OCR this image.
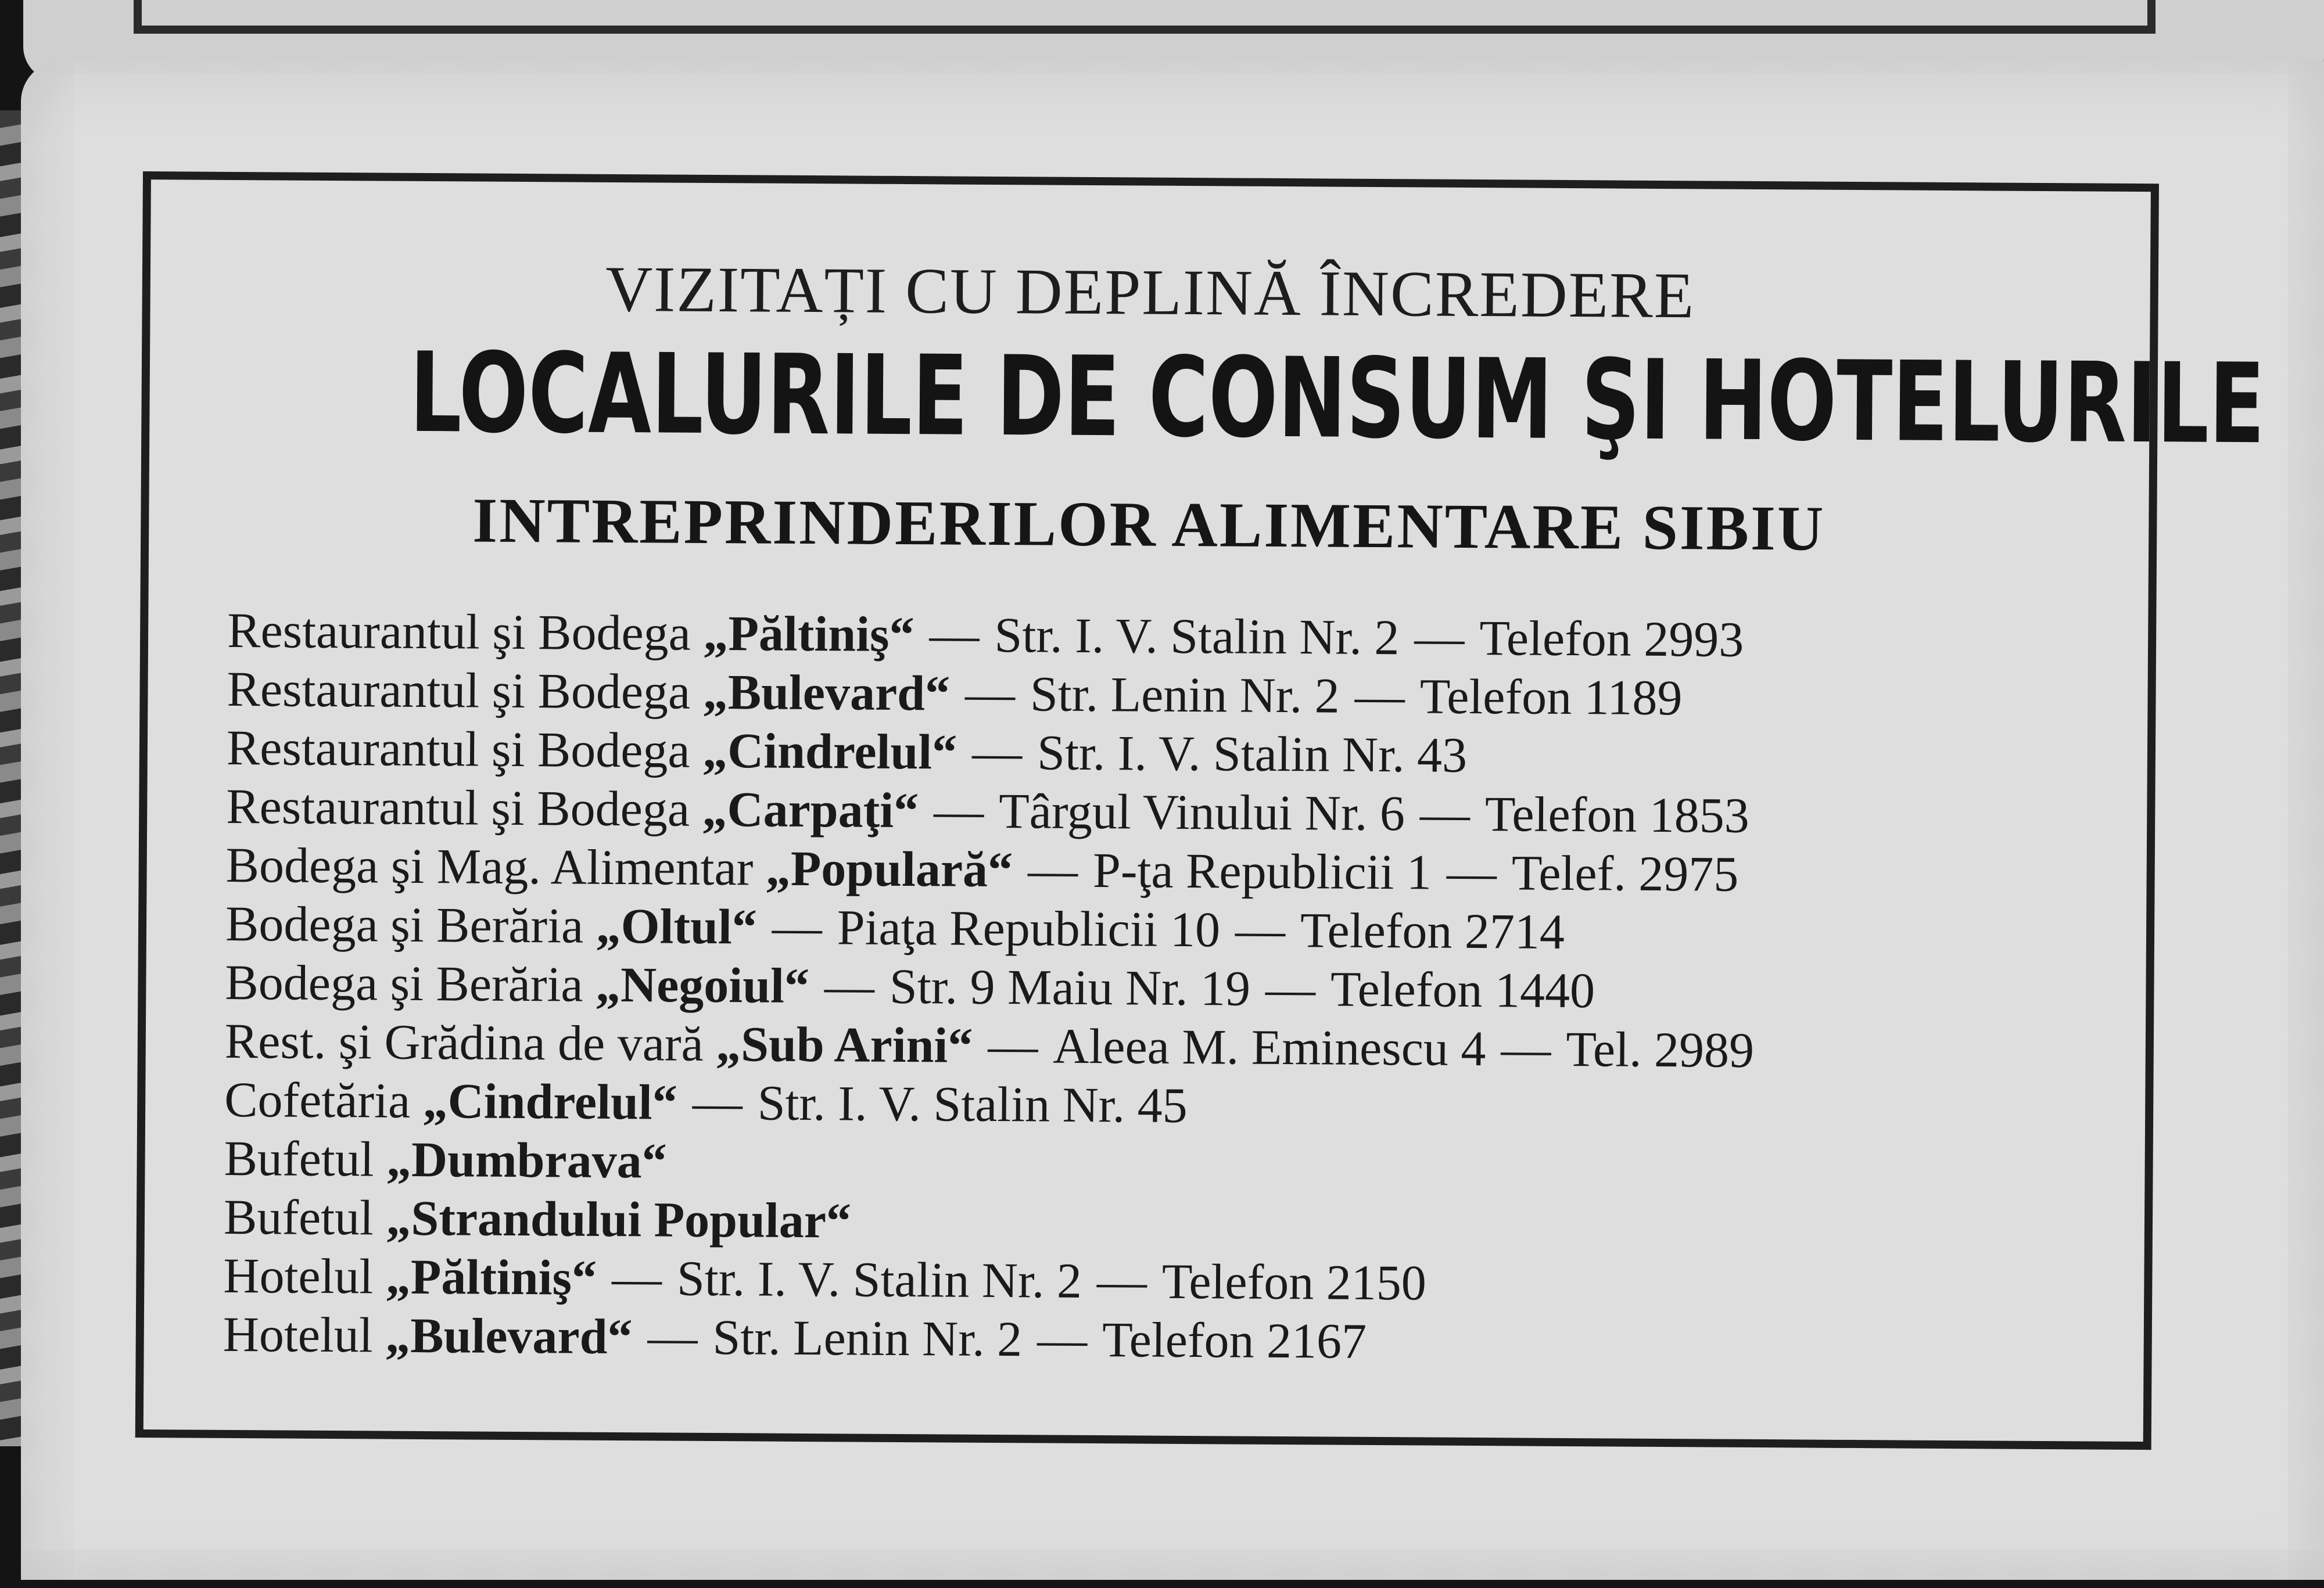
VIZITAȚI CU DEPLINĂ ÎNCREDERE
LOCALURILE DE CONSUM ŞI HOTELURILE
INTREPRINDERILOR ALIMENTARE SIBIU
Restaurantul şi Bodega „Păltiniş“ — Str. I. V. Stalin Nr. 2 — Telefon 2993
Restaurantul şi Bodega „Bulevard“ — Str. Lenin Nr. 2 — Telefon 1189
Restaurantul şi Bodega „Cindrelul“ — Str. I. V. Stalin Nr. 43
Restaurantul şi Bodega „Carpaţi“ — Târgul Vinului Nr. 6 — Telefon 1853
Bodega şi Mag. Alimentar „Populară“ — P-ţa Republicii 1 — Telef. 2975
Bodega şi Berăria „Oltul“ — Piaţa Republicii 10 — Telefon 2714
Bodega şi Berăria „Negoiul“ — Str. 9 Maiu Nr. 19 — Telefon 1440
Rest. şi Grădina de vară „Sub Arini“ — Aleea M. Eminescu 4 — Tel. 2989
Cofetăria „Cindrelul“ — Str. I. V. Stalin Nr. 45
Bufetul „Dumbrava“
Bufetul „Strandului Popular“
Hotelul „Păltiniş“ — Str. I. V. Stalin Nr. 2 — Telefon 2150
Hotelul „Bulevard“ — Str. Lenin Nr. 2 — Telefon 2167
